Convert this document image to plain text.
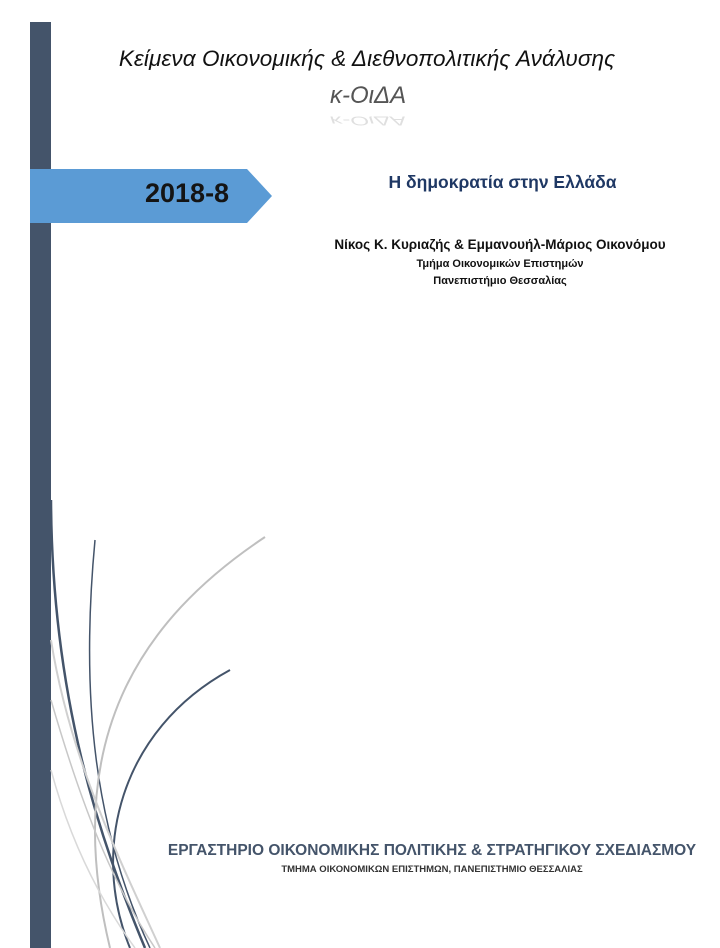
Κείμενα Οικονομικής & Διεθνοπολιτικής Ανάλυσης
κ-ΟιΔΑ
κ-ΟιΔΑ
2018-8	Η δημοκρατία στην Ελλάδα
Νίκος Κ. Κυριαζής & Εμμανουήλ-Μάριος Οικονόμου
Τμήμα Οικονομικών Επιστημών
Πανεπιστήμιο Θεσσαλίας
ΕΡΓΑΣΤΗΡΙΟ ΟΙΚΟΝΟΜΙΚΗΣ ΠΟΛΙΤΙΚΗΣ & ΣΤΡΑΤΗΓΙΚΟΥ ΣΧΕΔΙΑΣΜΟΥ
ΤΜΗΜΑ ΟΙΚΟΝΟΜΙΚΩΝ ΕΠΙΣΤΗΜΩΝ, ΠΑΝΕΠΙΣΤΗΜΙΟ ΘΕΣΣΑΛΙΑΣ
